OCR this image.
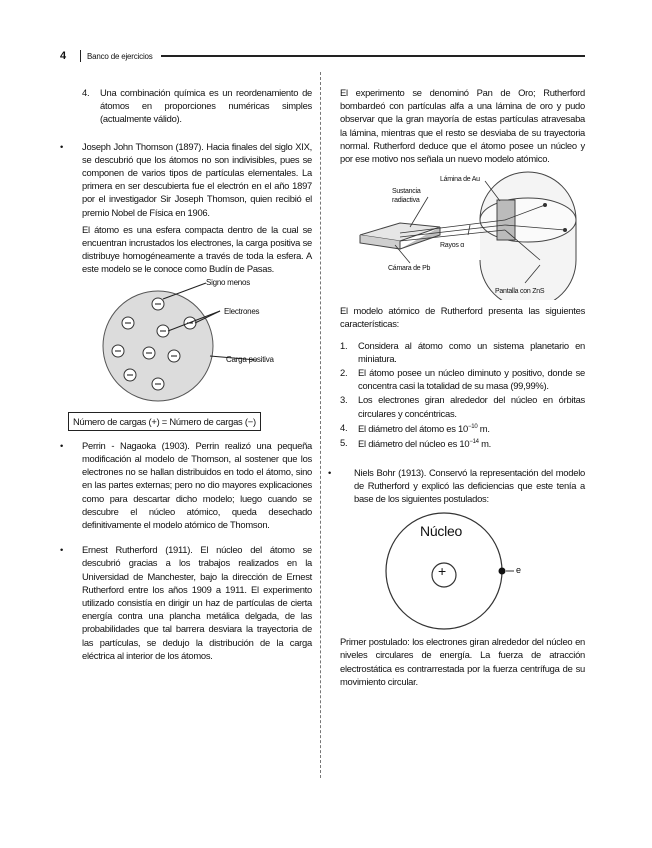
4	Banco de ejercicios
4. Una combinación química es un reordenamiento de átomos en proporciones numéricas simples (actualmente válido).

• Joseph John Thomson (1897). Hacia finales del siglo XIX, se descubrió que los átomos no son indivisibles, pues se componen de varios tipos de partículas elementales. La primera en ser descubierta fue el electrón en el año 1897 por el investigador Sir Joseph Thomson, quien recibió el premio Nobel de Física en 1906.

El átomo es una esfera compacta dentro de la cual se encuentran incrustados los electrones, la carga positiva se distribuye homogéneamente a través de toda la esfera. A este modelo se le conoce como Budín de Pasas.

Signo menos
Electrones
Carga positiva
Número de cargas (+) = Número de cargas (−)
• Perrin - Nagaoka (1903). Perrin realizó una pequeña modificación al modelo de Thomson, al sostener que los electrones no se hallan distribuidos en todo el átomo, sino en las partes externas; pero no dio mayores explicaciones como para descartar dicho modelo; luego cuando se descubre el núcleo atómico, queda desechado definitivamente el modelo atómico de Thomson.

• Ernest Rutherford (1911). El núcleo del átomo se descubrió gracias a los trabajos realizados en la Universidad de Manchester, bajo la dirección de Ernest Rutherford entre los años 1909 a 1911. El experimento utilizado consistía en dirigir un haz de partículas de cierta energía contra una plancha metálica delgada, de las probabilidades que tal barrera desviara la trayectoria de las partículas, se dedujo la distribución de la carga eléctrica al interior de los átomos.

El experimento se denominó Pan de Oro; Rutherford bombardeó con partículas alfa a una lámina de oro y pudo observar que la gran mayoría de estas partículas atravesaba la lámina, mientras que el resto se desviaba de su trayectoria normal. Rutherford deduce que el átomo posee un núcleo y por ese motivo nos señala un nuevo modelo atómico.

Lámina de Au
Sustancia radiactiva
Rayos α
Cámara de Pb
Pantalla con ZnS

El modelo atómico de Rutherford presenta las siguientes características:

1. Considera al átomo como un sistema planetario en miniatura.

2. El átomo posee un núcleo diminuto y positivo, donde se concentra casi la totalidad de su masa (99,99%).

3. Los electrones giran alrededor del núcleo en órbitas circulares y concéntricas.

4. El diámetro del átomo es $10^{-10}$ m.

5. El diámetro del núcleo es $10^{-14}$ m.

• Niels Bohr (1913). Conservó la representación del modelo de Rutherford y explicó las deficiencias que este tenía a base de los siguientes postulados:

Núcleo
+	e

Primer postulado: los electrones giran alrededor del núcleo en niveles circulares de energía. La fuerza de atracción electrostática es contrarrestada por la fuerza centrífuga de su movimiento circular.
